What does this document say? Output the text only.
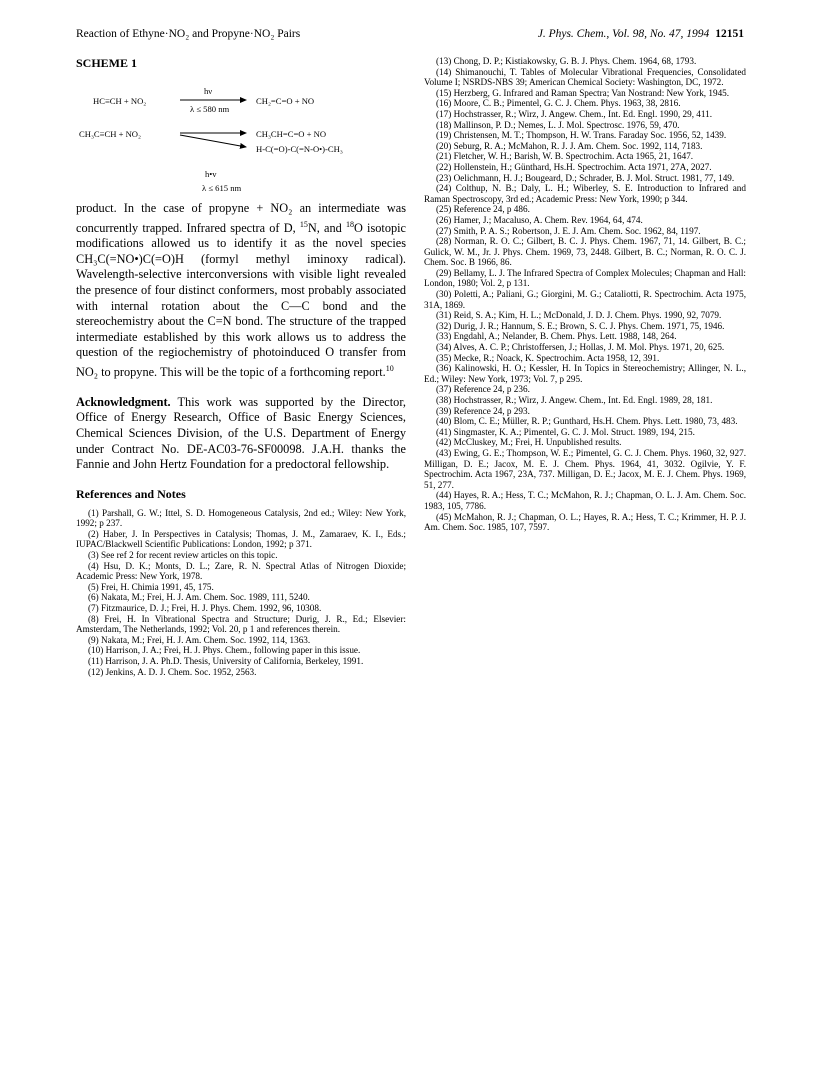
Reaction of Ethyne·NO₂ and Propyne·NO₂ Pairs	J. Phys. Chem., Vol. 98, No. 47, 1994 12151
SCHEME 1
HC≡CH + NO₂
hν
λ ≤ 580 nm
CH₂=C=O + NO
CH₃C≡CH + NO₂	CH₃CH=C=O + NO
H-C(=O)-C(=N-O•)-CH₃
h•v
λ ≤ 615 nm

product. In the case of propyne + NO₂ an intermediate was concurrently trapped. Infrared spectra of D, $^{15}$N, and $^{18}$O isotopic modifications allowed us to identify it as the novel species CH₃C(=NO•)C(=O)H (formyl methyl iminoxy radical). Wavelength-selective interconversions with visible light revealed the presence of four distinct conformers, most probably associated with internal rotation about the C—C bond and the stereochemistry about the C=N bond. The structure of the trapped intermediate established by this work allows us to address the question of the regiochemistry of photoinduced O transfer from NO₂ to propyne. This will be the topic of a forthcoming report.$^{10}$

Acknowledgment. This work was supported by the Director, Office of Energy Research, Office of Basic Energy Sciences, Chemical Sciences Division, of the U.S. Department of Energy under Contract No. DE-AC03-76-SF00098. J.A.H. thanks the Fannie and John Hertz Foundation for a predoctoral fellowship.

References and Notes

(1) Parshall, G. W.; Ittel, S. D. Homogeneous Catalysis, 2nd ed.; Wiley: New York, 1992; p 237.

(2) Haber, J. In Perspectives in Catalysis; Thomas, J. M., Zamaraev, K. I., Eds.; IUPAC/Blackwell Scientific Publications: London, 1992; p 371.

(3) See ref 2 for recent review articles on this topic.

(4) Hsu, D. K.; Monts, D. L.; Zare, R. N. Spectral Atlas of Nitrogen Dioxide; Academic Press: New York, 1978.

(5) Frei, H. Chimia 1991, 45, 175.

(6) Nakata, M.; Frei, H. J. Am. Chem. Soc. 1989, 111, 5240.

(7) Fitzmaurice, D. J.; Frei, H. J. Phys. Chem. 1992, 96, 10308.

(8) Frei, H. In Vibrational Spectra and Structure; Durig, J. R., Ed.; Elsevier: Amsterdam, The Netherlands, 1992; Vol. 20, p 1 and references therein.

(9) Nakata, M.; Frei, H. J. Am. Chem. Soc. 1992, 114, 1363.

(10) Harrison, J. A.; Frei, H. J. Phys. Chem., following paper in this issue.

(11) Harrison, J. A. Ph.D. Thesis, University of California, Berkeley, 1991.

(12) Jenkins, A. D. J. Chem. Soc. 1952, 2563.

(13) Chong, D. P.; Kistiakowsky, G. B. J. Phys. Chem. 1964, 68, 1793.

(14) Shimanouchi, T. Tables of Molecular Vibrational Frequencies, Consolidated Volume I; NSRDS-NBS 39; American Chemical Society: Washington, DC, 1972.

(15) Herzberg, G. Infrared and Raman Spectra; Van Nostrand: New York, 1945.

(16) Moore, C. B.; Pimentel, G. C. J. Chem. Phys. 1963, 38, 2816.

(17) Hochstrasser, R.; Wirz, J. Angew. Chem., Int. Ed. Engl. 1990, 29, 411.

(18) Mallinson, P. D.; Nemes, L. J. Mol. Spectrosc. 1976, 59, 470.

(19) Christensen, M. T.; Thompson, H. W. Trans. Faraday Soc. 1956, 52, 1439.

(20) Seburg, R. A.; McMahon, R. J. J. Am. Chem. Soc. 1992, 114, 7183.

(21) Fletcher, W. H.; Barish, W. B. Spectrochim. Acta 1965, 21, 1647.

(22) Hollenstein, H.; Günthard, Hs.H. Spectrochim. Acta 1971, 27A, 2027.

(23) Oelichmann, H. J.; Bougeard, D.; Schrader, B. J. Mol. Struct. 1981, 77, 149.

(24) Colthup, N. B.; Daly, L. H.; Wiberley, S. E. Introduction to Infrared and Raman Spectroscopy, 3rd ed.; Academic Press: New York, 1990; p 344.

(25) Reference 24, p 486.

(26) Hamer, J.; Macaluso, A. Chem. Rev. 1964, 64, 474.

(27) Smith, P. A. S.; Robertson, J. E. J. Am. Chem. Soc. 1962, 84, 1197.

(28) Norman, R. O. C.; Gilbert, B. C. J. Phys. Chem. 1967, 71, 14. Gilbert, B. C.; Gulick, W. M., Jr. J. Phys. Chem. 1969, 73, 2448. Gilbert, B. C.; Norman, R. O. C. J. Chem. Soc. B 1966, 86.

(29) Bellamy, L. J. The Infrared Spectra of Complex Molecules; Chapman and Hall: London, 1980; Vol. 2, p 131.

(30) Poletti, A.; Paliani, G.; Giorgini, M. G.; Cataliotti, R. Spectrochim. Acta 1975, 31A, 1869.

(31) Reid, S. A.; Kim, H. L.; McDonald, J. D. J. Chem. Phys. 1990, 92, 7079.

(32) Durig, J. R.; Hannum, S. E.; Brown, S. C. J. Phys. Chem. 1971, 75, 1946.

(33) Engdahl, A.; Nelander, B. Chem. Phys. Lett. 1988, 148, 264.

(34) Alves, A. C. P.; Christoffersen, J.; Hollas, J. M. Mol. Phys. 1971, 20, 625.

(35) Mecke, R.; Noack, K. Spectrochim. Acta 1958, 12, 391.

(36) Kalinowski, H. O.; Kessler, H. In Topics in Stereochemistry; Allinger, N. L., Ed.; Wiley: New York, 1973; Vol. 7, p 295.

(37) Reference 24, p 236.

(38) Hochstrasser, R.; Wirz, J. Angew. Chem., Int. Ed. Engl. 1989, 28, 181.

(39) Reference 24, p 293.

(40) Blom, C. E.; Müller, R. P.; Gunthard, Hs.H. Chem. Phys. Lett. 1980, 73, 483.

(41) Singmaster, K. A.; Pimentel, G. C. J. Mol. Struct. 1989, 194, 215.

(42) McCluskey, M.; Frei, H. Unpublished results.

(43) Ewing, G. E.; Thompson, W. E.; Pimentel, G. C. J. Chem. Phys. 1960, 32, 927. Milligan, D. E.; Jacox, M. E. J. Chem. Phys. 1964, 41, 3032. Ogilvie, Y. F. Spectrochim. Acta 1967, 23A, 737. Milligan, D. E.; Jacox, M. E. J. Chem. Phys. 1969, 51, 277.

(44) Hayes, R. A.; Hess, T. C.; McMahon, R. J.; Chapman, O. L. J. Am. Chem. Soc. 1983, 105, 7786.

(45) McMahon, R. J.; Chapman, O. L.; Hayes, R. A.; Hess, T. C.; Krimmer, H. P. J. Am. Chem. Soc. 1985, 107, 7597.
